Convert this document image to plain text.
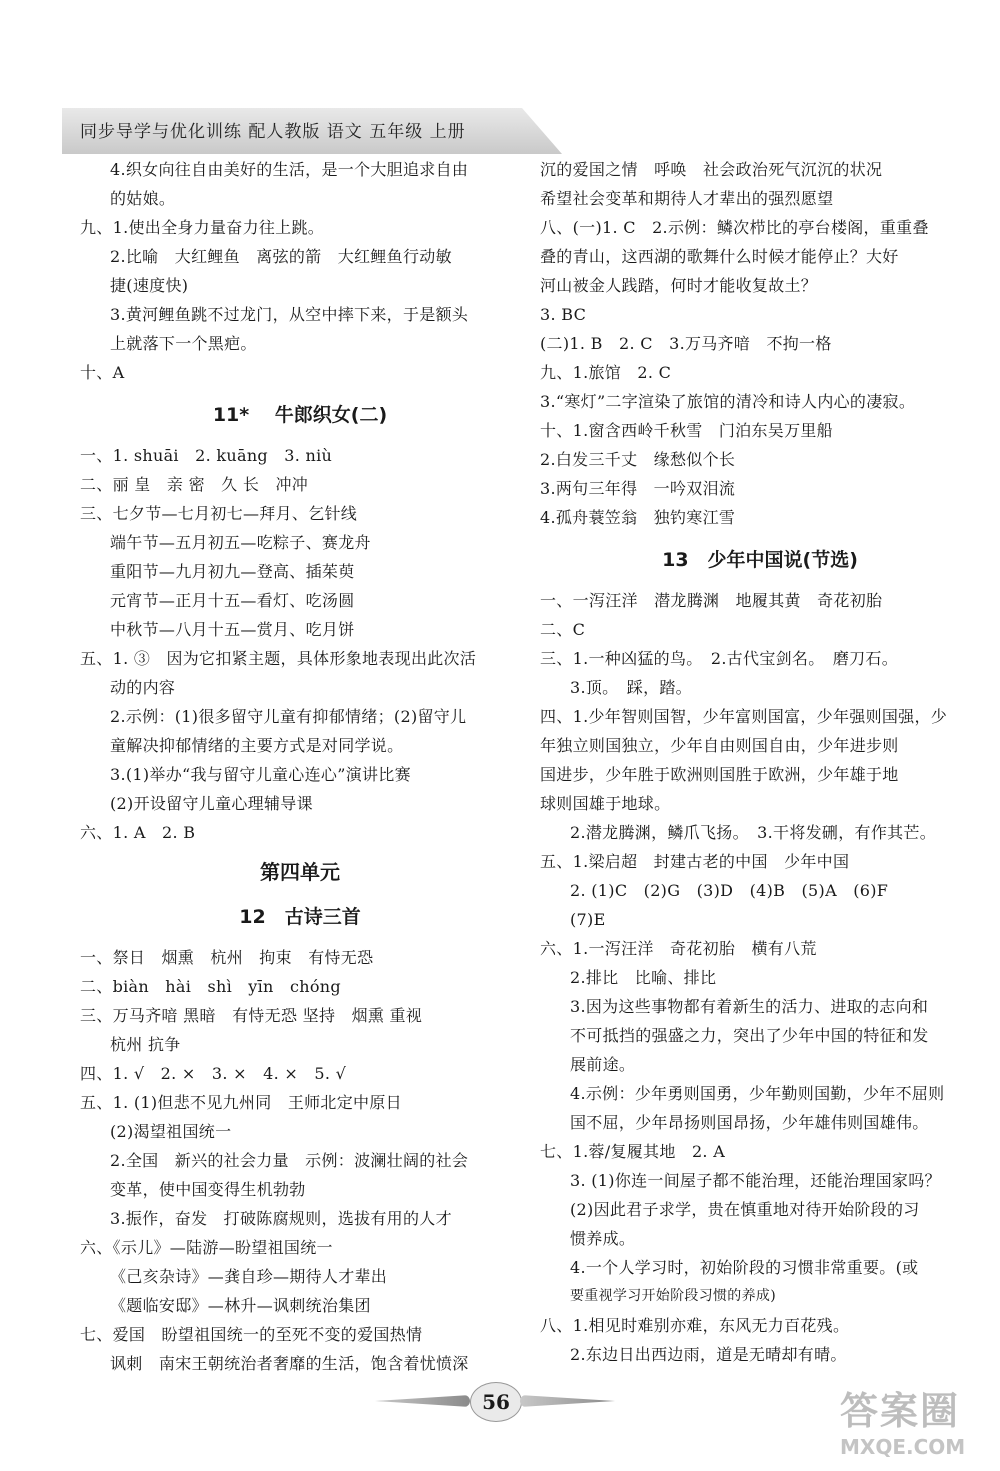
同步导学与优化训练 配人教版 语文 五年级 上册
4.织女向往自由美好的生活，是一个大胆追求自由
的姑娘。
九、1.使出全身力量奋力往上跳。
2.比喻　大红鲤鱼　离弦的箭　大红鲤鱼行动敏
捷(速度快)
3.黄河鲤鱼跳不过龙门，从空中摔下来，于是额头
上就落下一个黑疤。
十、A
11*　 牛郎织女(二)
一、1. shuāi　2. kuāng　3. niù
二、丽 皇　亲 密　久 长　冲冲
三、七夕节—七月初七—拜月、乞针线
端午节—五月初五—吃粽子、赛龙舟
重阳节—九月初九—登高、插茱萸
元宵节—正月十五—看灯、吃汤圆
中秋节—八月十五—赏月、吃月饼
五、1. ③　因为它扣紧主题，具体形象地表现出此次活
动的内容
2.示例：(1)很多留守儿童有抑郁情绪；(2)留守儿
童解决抑郁情绪的主要方式是对同学说。
3.(1)举办“我与留守儿童心连心”演讲比赛
(2)开设留守儿童心理辅导课
六、1. A　2. B
第四单元
12　古诗三首
一、祭日　烟熏　杭州　拘束　有恃无恐
二、biàn　hài　shì　yīn　chóng
三、万马齐喑 黑暗　有恃无恐 坚持　烟熏 重视
杭州 抗争
四、1. √　2. ×　3. ×　4. ×　5. √
五、1. (1)但悲不见九州同　王师北定中原日
(2)渴望祖国统一
2.全国　新兴的社会力量　示例：波澜壮阔的社会
变革，使中国变得生机勃勃
3.振作，奋发　打破陈腐规则，选拔有用的人才
六、《示儿》—陆游—盼望祖国统一
《己亥杂诗》—龚自珍—期待人才辈出
《题临安邸》—林升—讽刺统治集团
七、爱国　盼望祖国统一的至死不变的爱国热情
讽刺　南宋王朝统治者奢靡的生活，饱含着忧愤深
沉的爱国之情　呼唤　社会政治死气沉沉的状况
希望社会变革和期待人才辈出的强烈愿望
八、(一)1. C　2.示例：鳞次栉比的亭台楼阁，重重叠
叠的青山，这西湖的歌舞什么时候才能停止？大好
河山被金人践踏，何时才能收复故土？
3. BC
(二)1. B　2. C　3.万马齐喑　不拘一格
九、1.旅馆　2. C
3.“寒灯”二字渲染了旅馆的清冷和诗人内心的凄寂。
十、1.窗含西岭千秋雪　门泊东吴万里船
2.白发三千丈　缘愁似个长
3.两句三年得　一吟双泪流
4.孤舟蓑笠翁　独钓寒江雪
13　少年中国说(节选)
一、一泻汪洋　潜龙腾渊　地履其黄　奇花初胎
二、C
三、1.一种凶猛的鸟。　2.古代宝剑名。　磨刀石。
3.顶。　踩，踏。
四、1.少年智则国智，少年富则国富，少年强则国强，少
年独立则国独立，少年自由则国自由，少年进步则
国进步，少年胜于欧洲则国胜于欧洲，少年雄于地
球则国雄于地球。
2.潜龙腾渊，鳞爪飞扬。　3.干将发硎，有作其芒。
五、1.梁启超　封建古老的中国　少年中国
2. (1)C　(2)G　(3)D　(4)B　(5)A　(6)F
(7)E
六、1.一泻汪洋　奇花初胎　横有八荒
2.排比　比喻、排比
3.因为这些事物都有着新生的活力、进取的志向和
不可抵挡的强盛之力，突出了少年中国的特征和发
展前途。
4.示例：少年勇则国勇，少年勤则国勤，少年不屈则
国不屈，少年昂扬则国昂扬，少年雄伟则国雄伟。
七、1.蓉/复履其地　2. A
3. (1)你连一间屋子都不能治理，还能治理国家吗？
(2)因此君子求学，贵在慎重地对待开始阶段的习
惯养成。
4.一个人学习时，初始阶段的习惯非常重要。(或
要重视学习开始阶段习惯的养成)
八、1.相见时难别亦难，东风无力百花残。
2.东边日出西边雨，道是无晴却有晴。
56	答案圈
MXQE.COM
